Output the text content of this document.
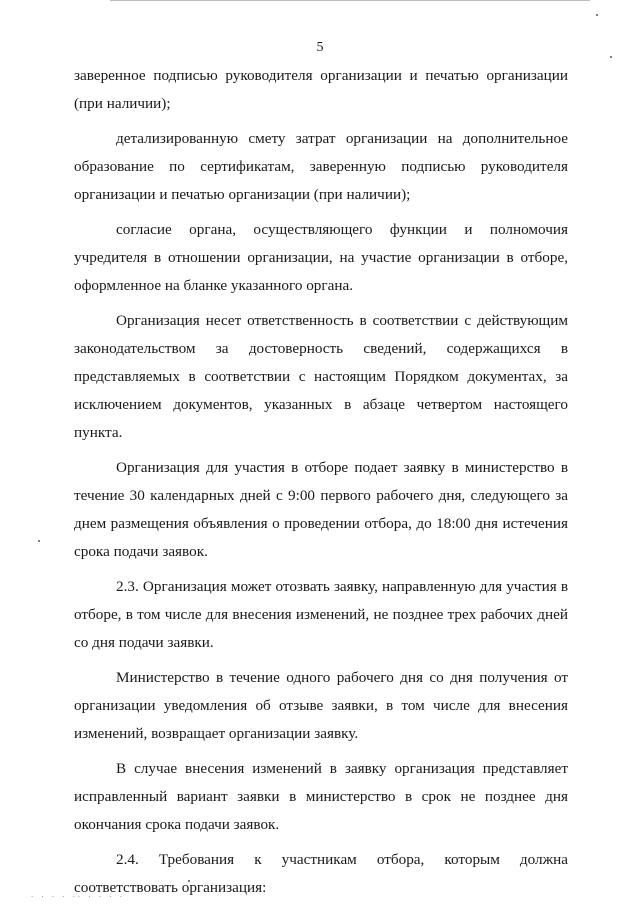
5

заверенное подписью руководителя организации и печатью организации (при наличии);

детализированную смету затрат организации на дополнительное образование по сертификатам, заверенную подписью руководителя организации и печатью организации (при наличии);

согласие органа, осуществляющего функции и полномочия учредителя в отношении организации, на участие организации в отборе, оформленное на бланке указанного органа.

Организация несет ответственность в соответствии с действующим законодательством за достоверность сведений, содержащихся в представляемых в соответствии с настоящим Порядком документах, за исключением документов, указанных в абзаце четвертом настоящего пункта.

Организация для участия в отборе подает заявку в министерство в течение 30 календарных дней с 9:00 первого рабочего дня, следующего за днем размещения объявления о проведении отбора, до 18:00 дня истечения срока подачи заявок.

2.3. Организация может отозвать заявку, направленную для участия в отборе, в том числе для внесения изменений, не позднее трех рабочих дней со дня подачи заявки.

Министерство в течение одного рабочего дня со дня получения от организации уведомления об отзыве заявки, в том числе для внесения изменений, возвращает организации заявку.

В случае внесения изменений в заявку организация представляет исправленный вариант заявки в министерство в срок не позднее дня окончания срока подачи заявок.

2.4. Требования к участникам отбора, которым должна соответствовать организация:

· · · · ·· · · · ·
